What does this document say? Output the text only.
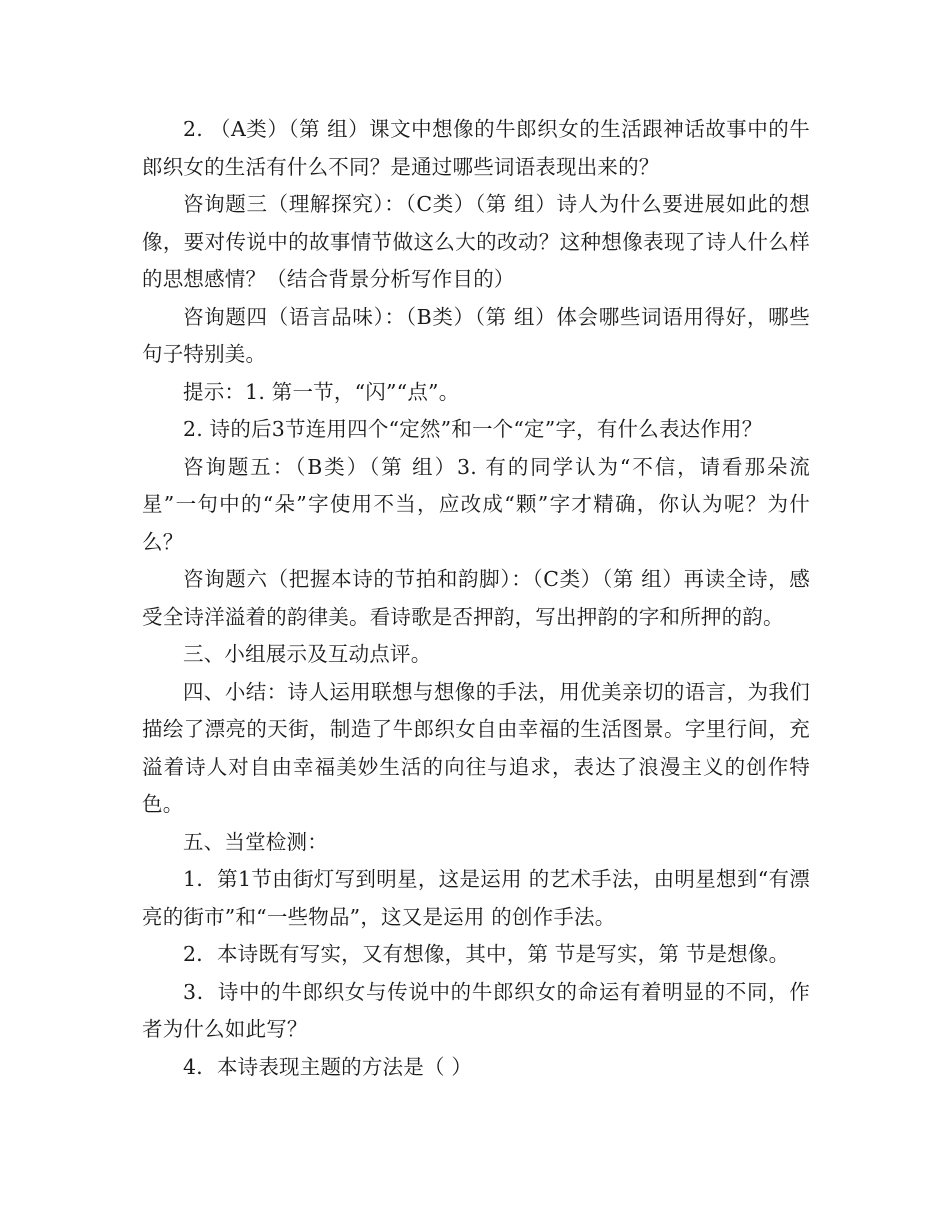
2. （A类）（第 组）课文中想像的牛郎织女的生活跟神话故事中的牛郎织女的生活有什么不同？是通过哪些词语表现出来的？

咨询题三（理解探究）：（C类）（第 组）诗人为什么要进展如此的想像，要对传说中的故事情节做这么大的改动？这种想像表现了诗人什么样的思想感情？（结合背景分析写作目的）

咨询题四（语言品味）：（B类）（第 组）体会哪些词语用得好，哪些句子特别美。

提示：1. 第一节，“闪”“点”。

2. 诗的后3节连用四个“定然”和一个“定”字，有什么表达作用？

咨询题五：（B类）（第 组）3. 有的同学认为“不信，请看那朵流星”一句中的“朵”字使用不当，应改成“颗”字才精确，你认为呢？为什么？

咨询题六（把握本诗的节拍和韵脚）：（C类）（第 组）再读全诗，感受全诗洋溢着的韵律美。看诗歌是否押韵，写出押韵的字和所押的韵。

三、小组展示及互动点评。

四、小结：诗人运用联想与想像的手法，用优美亲切的语言，为我们描绘了漂亮的天街，制造了牛郎织女自由幸福的生活图景。字里行间，充溢着诗人对自由幸福美妙生活的向往与追求，表达了浪漫主义的创作特色。

五、当堂检测：

1．第1节由街灯写到明星，这是运用 的艺术手法，由明星想到“有漂亮的街市”和“一些物品”，这又是运用 的创作手法。

2．本诗既有写实，又有想像，其中，第 节是写实，第 节是想像。

3．诗中的牛郎织女与传说中的牛郎织女的命运有着明显的不同，作者为什么如此写？

4．本诗表现主题的方法是（ ）
